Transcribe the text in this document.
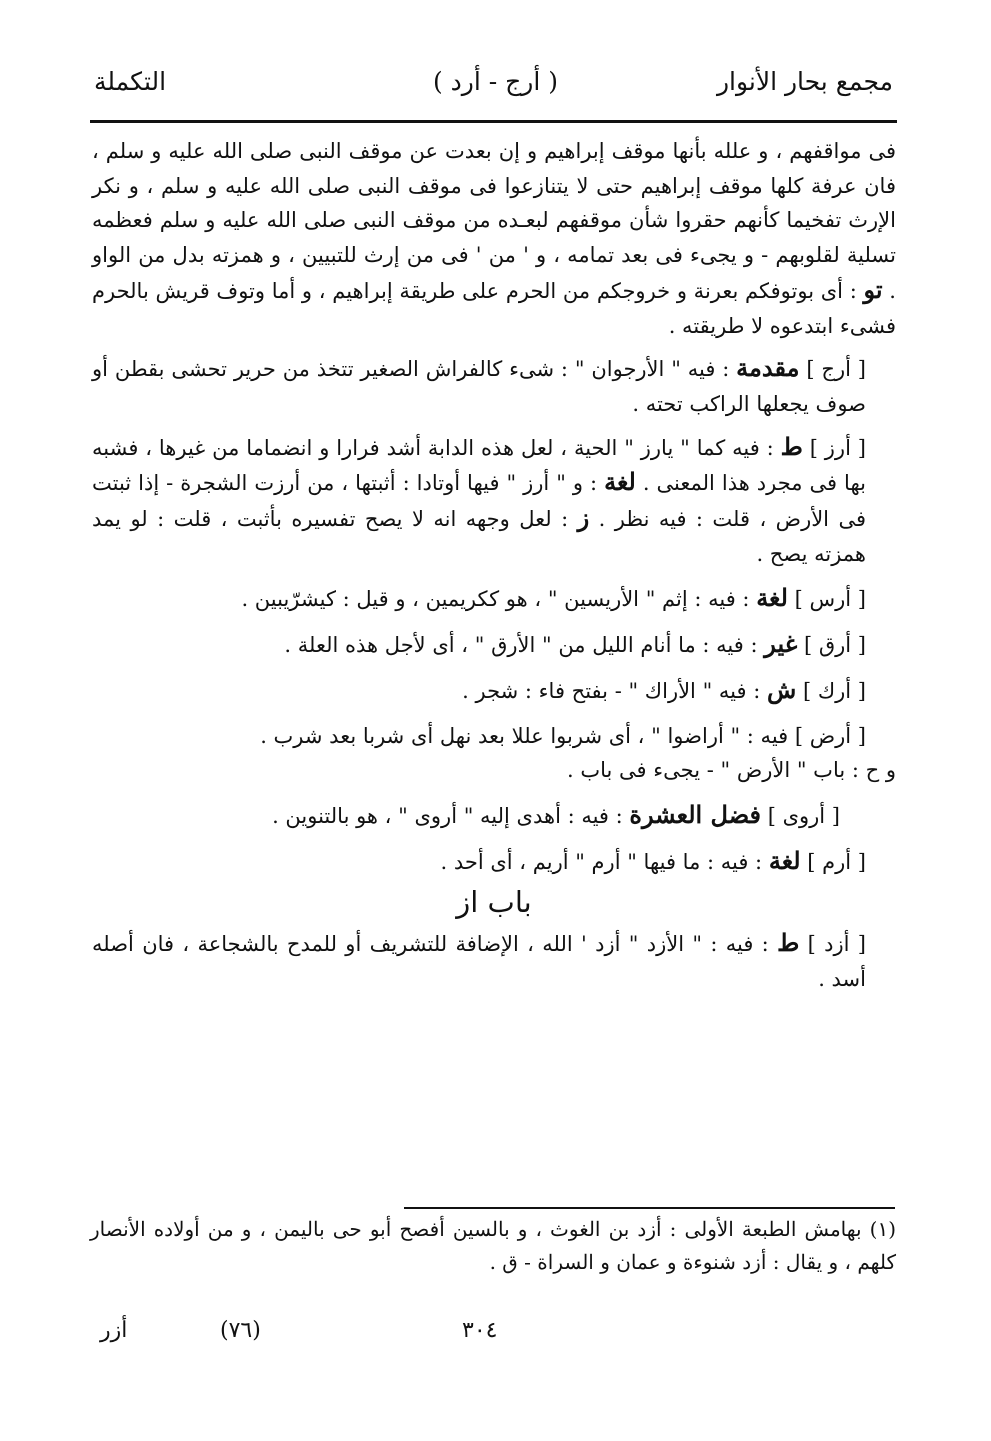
مجمع بحار الأنوار
( أرج - أرد )
التكملة

فى مواقفهم ، و علله بأنها موقف إبراهيم و إن بعدت عن موقف النبى صلى الله عليه و سلم ، فان عرفة كلها موقف إبراهيم حتى لا يتنازعوا فى موقف النبى صلى الله عليه و سلم ، و نكر الإرث تفخيما كأنهم حقروا شأن موقفهم لبعـده من موقف النبى صلى الله عليه و سلم فعظمه تسلية لقلوبهم - و يجىء فى بعد تمامه ، و ' من ' فى من إرث للتبيين ، و همزته بدل من الواو . تو : أى بوتوفكم بعرنة و خروجكم من الحرم على طريقة إبراهيم ، و أما وتوف قريش بالحرم فشىء ابتدعوه لا طريقته .

[ أرج ] مقدمة : فيه " الأرجوان " : شىء كالفراش الصغير تتخذ من حرير تحشى بقطن أو صوف يجعلها الراكب تحته .

[ أرز ] ط : فيه كما " يارز " الحية ، لعل هذه الدابة أشد فرارا و انضماما من غيرها ، فشبه بها فى مجرد هذا المعنى . لغة : و " أرز " فيها أوتادا : أثبتها ، من أرزت الشجرة - إذا ثبتت فى الأرض ، قلت : فيه نظر . ز : لعل وجهه انه لا يصح تفسيره بأثبت ، قلت : لو يمد همزته يصح .

[ أرس ] لغة : فيه : إثم " الأريسين " ، هو ككريمين ، و قيل : كيشرّيبين .

[ أرق ] غير : فيه : ما أنام الليل من " الأرق " ، أى لأجل هذه العلة .

[ أرك ] ش : فيه " الأراك " - بفتح فاء : شجر .

[ أرض ] فيه : " أراضوا " ، أى شربوا عللا بعد نهل أى شربا بعد شرب .

و ح : باب " الأرض " - يجىء فى باب .

[ أروى ] فضل العشرة : فيه : أهدى إليه " أروى " ، هو بالتنوين .

[ أرم ] لغة : فيه : ما فيها " أرم " أريم ، أى أحد .

باب از

[ أزد ] ط : فيه : " الأزد " أزد ' الله ، الإضافة للتشريف أو للمدح بالشجاعة ، فان أصله أسد .

(١) بهامش الطبعة الأولى : أزد بن الغوث ، و بالسين أفصح أبو حى باليمن ، و من أولاده الأنصار كلهم ، و يقال : أزد شنوءة و عمان و السراة - ق .

أزر	(٧٦)	٣٠٤
